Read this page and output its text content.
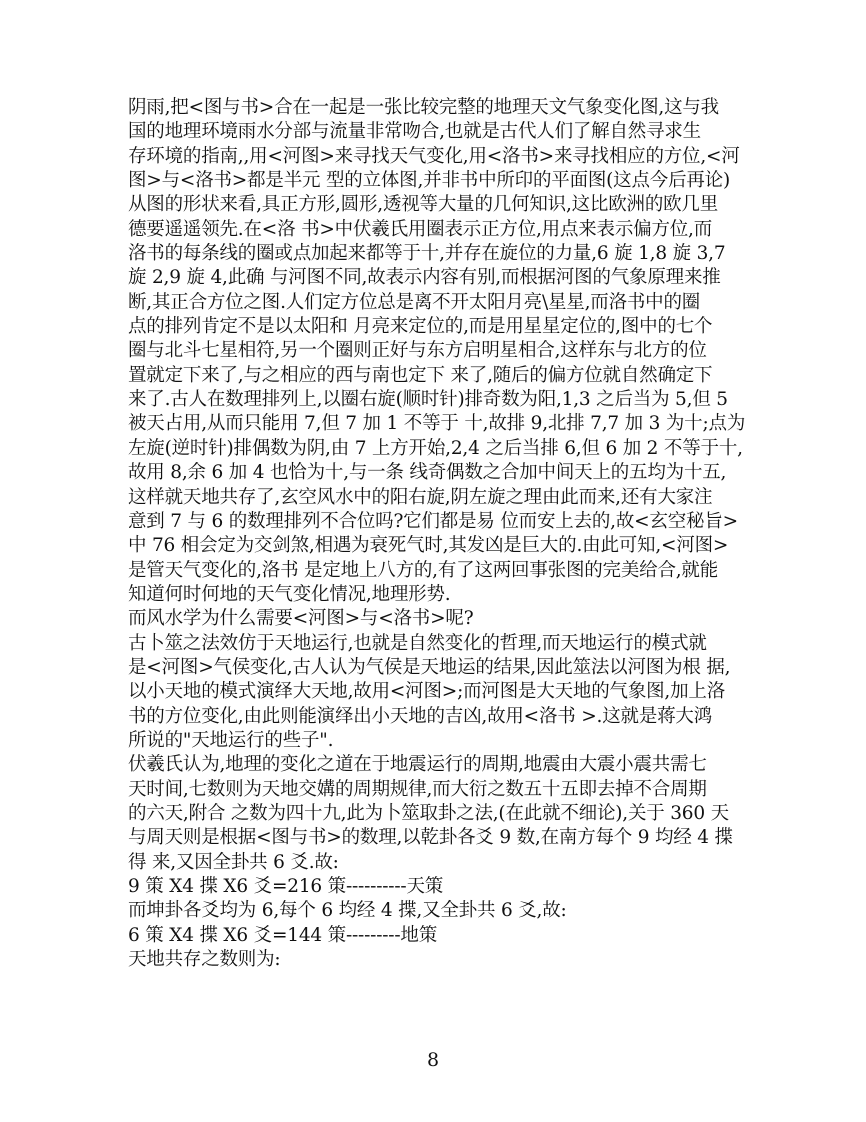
阴雨,把<图与书>合在一起是一张比较完整的地理天文气象变化图,这与我
国的地理环境雨水分部与流量非常吻合,也就是古代人们了解自然寻求生
存环境的指南,,用<河图>来寻找天气变化,用<洛书>来寻找相应的方位,<河
图>与<洛书>都是半元 型的立体图,并非书中所印的平面图(这点今后再论)
从图的形状来看,具正方形,圆形,透视等大量的几何知识,这比欧洲的欧几里
德要遥遥领先.在<洛 书>中伏羲氏用圈表示正方位,用点来表示偏方位,而
洛书的每条线的圈或点加起来都等于十,并存在旋位的力量,6 旋 1,8 旋 3,7
旋 2,9 旋 4,此确 与河图不同,故表示内容有别,而根据河图的气象原理来推
断,其正合方位之图.人们定方位总是离不开太阳月亮\星星,而洛书中的圈
点的排列肯定不是以太阳和 月亮来定位的,而是用星星定位的,图中的七个
圈与北斗七星相符,另一个圈则正好与东方启明星相合,这样东与北方的位
置就定下来了,与之相应的西与南也定下 来了,随后的偏方位就自然确定下
来了.古人在数理排列上,以圈右旋(顺时针)排奇数为阳,1,3 之后当为 5,但 5
被天占用,从而只能用 7,但 7 加 1 不等于 十,故排 9,北排 7,7 加 3 为十;点为
左旋(逆时针)排偶数为阴,由 7 上方开始,2,4 之后当排 6,但 6 加 2 不等于十,
故用 8,余 6 加 4 也恰为十,与一条 线奇偶数之合加中间天上的五均为十五,
这样就天地共存了,玄空风水中的阳右旋,阴左旋之理由此而来,还有大家注
意到 7 与 6 的数理排列不合位吗?它们都是易 位而安上去的,故<玄空秘旨>
中 76 相会定为交剑煞,相遇为衰死气时,其发凶是巨大的.由此可知,<河图>
是管天气变化的,洛书 是定地上八方的,有了这两回事张图的完美给合,就能
知道何时何地的天气变化情况,地理形势.
而风水学为什么需要<河图>与<洛书>呢?
古卜筮之法效仿于天地运行,也就是自然变化的哲理,而天地运行的模式就
是<河图>气侯变化,古人认为气侯是天地运的结果,因此筮法以河图为根 据,
以小天地的模式演绎大天地,故用<河图>;而河图是大天地的气象图,加上洛
书的方位变化,由此则能演绎出小天地的吉凶,故用<洛书 >.这就是蒋大鸿
所说的"天地运行的些子".
伏羲氏认为,地理的变化之道在于地震运行的周期,地震由大震小震共需七
天时间,七数则为天地交媾的周期规律,而大衍之数五十五即去掉不合周期
的六天,附合 之数为四十九,此为卜筮取卦之法,(在此就不细论),关于 360 天
与周天则是根据<图与书>的数理,以乾卦各爻 9 数,在南方每个 9 均经 4 揲
得 来,又因全卦共 6 爻.故:
9 策 X4 揲 X6 爻=216 策----------天策
而坤卦各爻均为 6,每个 6 均经 4 揲,又全卦共 6 爻,故:
6 策 X4 揲 X6 爻=144 策---------地策
天地共存之数则为:
8
